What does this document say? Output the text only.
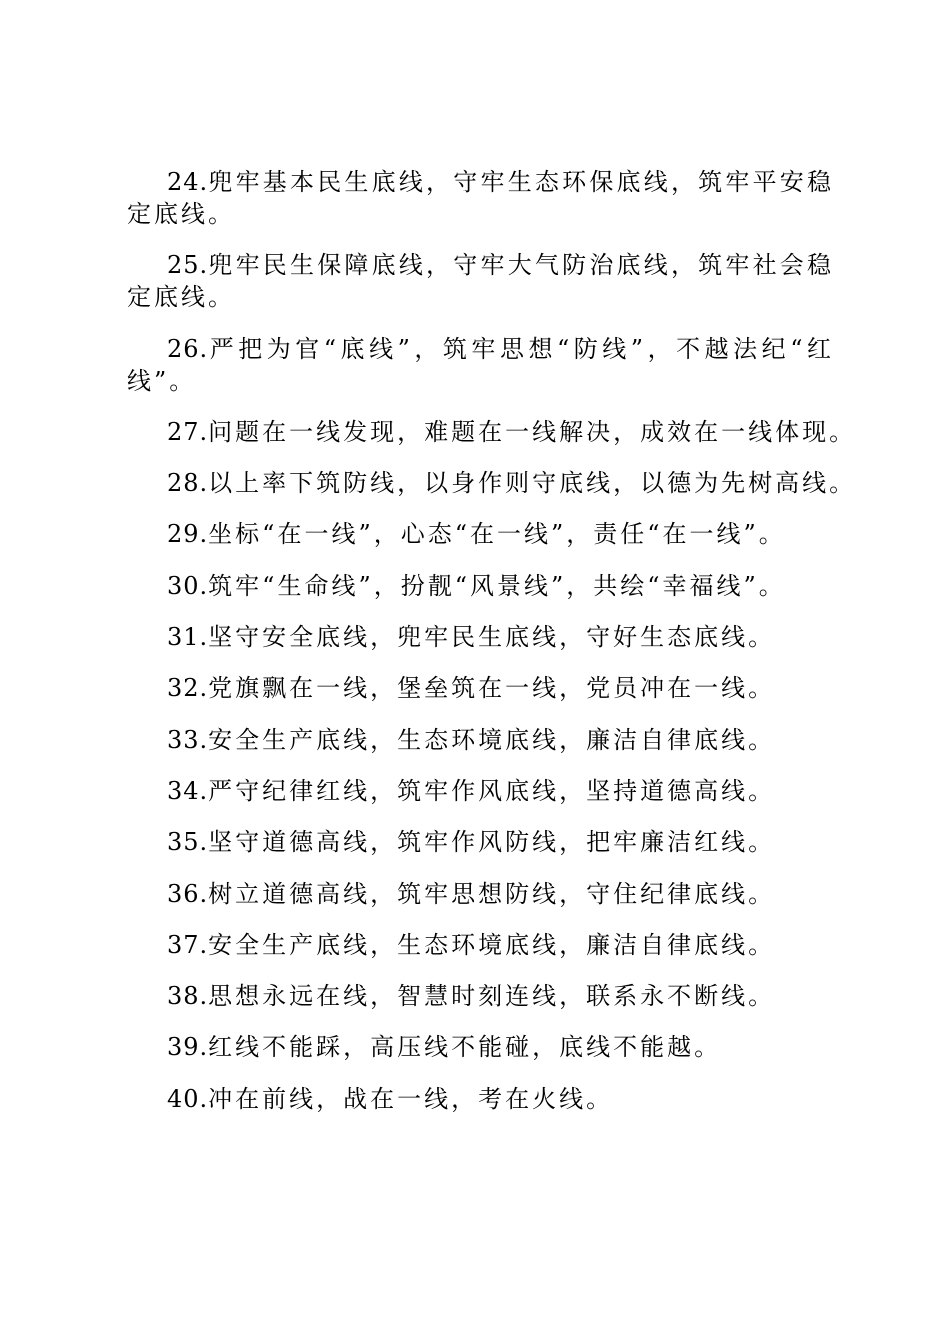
24.兜牢基本民生底线，守牢生态环保底线，筑牢平安稳定底线。

25.兜牢民生保障底线，守牢大气防治底线，筑牢社会稳定底线。

26.严把为官“底线”，筑牢思想“防线”，不越法纪“红线”。

27.问题在一线发现，难题在一线解决，成效在一线体现。

28.以上率下筑防线，以身作则守底线，以德为先树高线。

29.坐标“在一线”，心态“在一线”，责任“在一线”。

30.筑牢“生命线”，扮靓“风景线”，共绘“幸福线”。

31.坚守安全底线，兜牢民生底线，守好生态底线。

32.党旗飘在一线，堡垒筑在一线，党员冲在一线。

33.安全生产底线，生态环境底线，廉洁自律底线。

34.严守纪律红线，筑牢作风底线，坚持道德高线。

35.坚守道德高线，筑牢作风防线，把牢廉洁红线。

36.树立道德高线，筑牢思想防线，守住纪律底线。

37.安全生产底线，生态环境底线，廉洁自律底线。

38.思想永远在线，智慧时刻连线，联系永不断线。

39.红线不能踩，高压线不能碰，底线不能越。

40.冲在前线，战在一线，考在火线。
